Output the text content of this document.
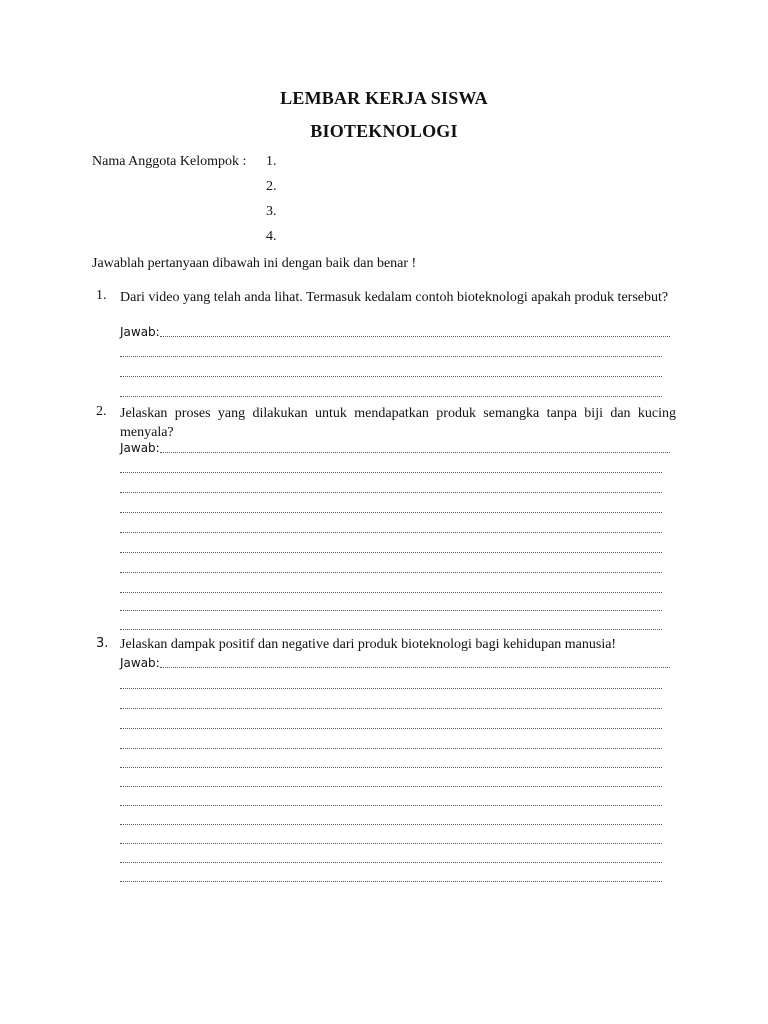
LEMBAR KERJA SISWA
BIOTEKNOLOGI
Nama Anggota Kelompok : 1.
2.
3.
4.
Jawablah pertanyaan dibawah ini dengan baik dan benar !
1. Dari video yang telah anda lihat. Termasuk kedalam contoh bioteknologi apakah produk tersebut?
Jawab:
2. Jelaskan proses yang dilakukan untuk mendapatkan produk semangka tanpa biji dan kucing menyala?
Jawab:
3. Jelaskan dampak positif dan negative dari produk bioteknologi bagi kehidupan manusia!
Jawab:
